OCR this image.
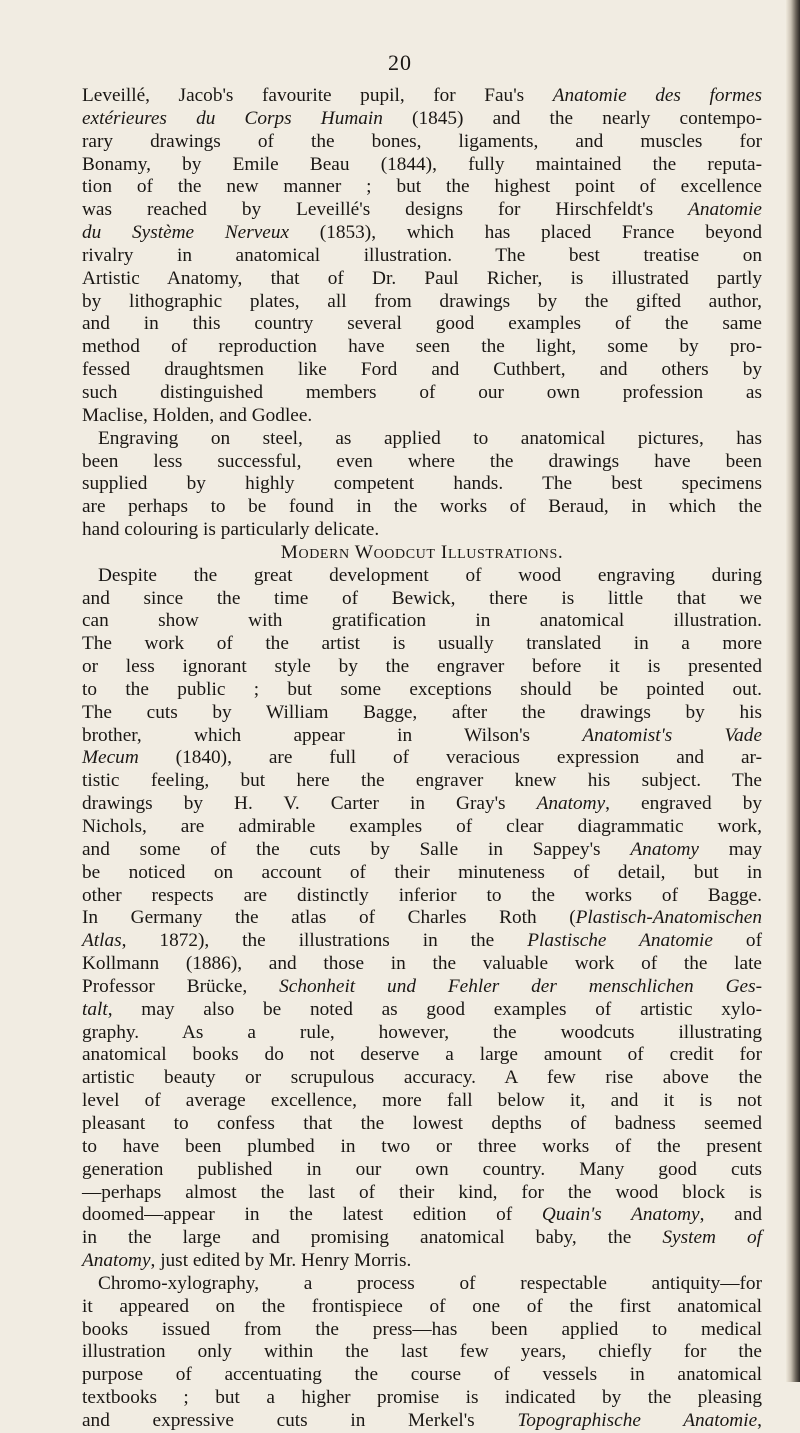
20
Leveillé, Jacob's favourite pupil, for Fau's Anatomie des formes
extérieures du Corps Humain (1845) and the nearly contempo-
rary drawings of the bones, ligaments, and muscles for
Bonamy, by Emile Beau (1844), fully maintained the reputa-
tion of the new manner ; but the highest point of excellence
was reached by Leveillé's designs for Hirschfeldt's Anatomie
du Système Nerveux (1853), which has placed France beyond
rivalry in anatomical illustration. The best treatise on
Artistic Anatomy, that of Dr. Paul Richer, is illustrated partly
by lithographic plates, all from drawings by the gifted author,
and in this country several good examples of the same
method of reproduction have seen the light, some by pro-
fessed draughtsmen like Ford and Cuthbert, and others by
such distinguished members of our own profession as
Maclise, Holden, and Godlee.
Engraving on steel, as applied to anatomical pictures, has
been less successful, even where the drawings have been
supplied by highly competent hands. The best specimens
are perhaps to be found in the works of Beraud, in which the
hand colouring is particularly delicate.
Modern Woodcut Illustrations.
Despite the great development of wood engraving during
and since the time of Bewick, there is little that we
can show with gratification in anatomical illustration.
The work of the artist is usually translated in a more
or less ignorant style by the engraver before it is presented
to the public ; but some exceptions should be pointed out.
The cuts by William Bagge, after the drawings by his
brother, which appear in Wilson's Anatomist's Vade
Mecum (1840), are full of veracious expression and ar-
tistic feeling, but here the engraver knew his subject. The
drawings by H. V. Carter in Gray's Anatomy, engraved by
Nichols, are admirable examples of clear diagrammatic work,
and some of the cuts by Salle in Sappey's Anatomy may
be noticed on account of their minuteness of detail, but in
other respects are distinctly inferior to the works of Bagge.
In Germany the atlas of Charles Roth (Plastisch-Anatomischen
Atlas, 1872), the illustrations in the Plastische Anatomie of
Kollmann (1886), and those in the valuable work of the late
Professor Brücke, Schonheit und Fehler der menschlichen Ges-
talt, may also be noted as good examples of artistic xylo-
graphy. As a rule, however, the woodcuts illustrating
anatomical books do not deserve a large amount of credit for
artistic beauty or scrupulous accuracy. A few rise above the
level of average excellence, more fall below it, and it is not
pleasant to confess that the lowest depths of badness seemed
to have been plumbed in two or three works of the present
generation published in our own country. Many good cuts
—perhaps almost the last of their kind, for the wood block is
doomed—appear in the latest edition of Quain's Anatomy, and
in the large and promising anatomical baby, the System of
Anatomy, just edited by Mr. Henry Morris.
Chromo-xylography, a process of respectable antiquity—for
it appeared on the frontispiece of one of the first anatomical
books issued from the press—has been applied to medical
illustration only within the last few years, chiefly for the
purpose of accentuating the course of vessels in anatomical
textbooks ; but a higher promise is indicated by the pleasing
and expressive cuts in Merkel's Topographische Anatomie,
